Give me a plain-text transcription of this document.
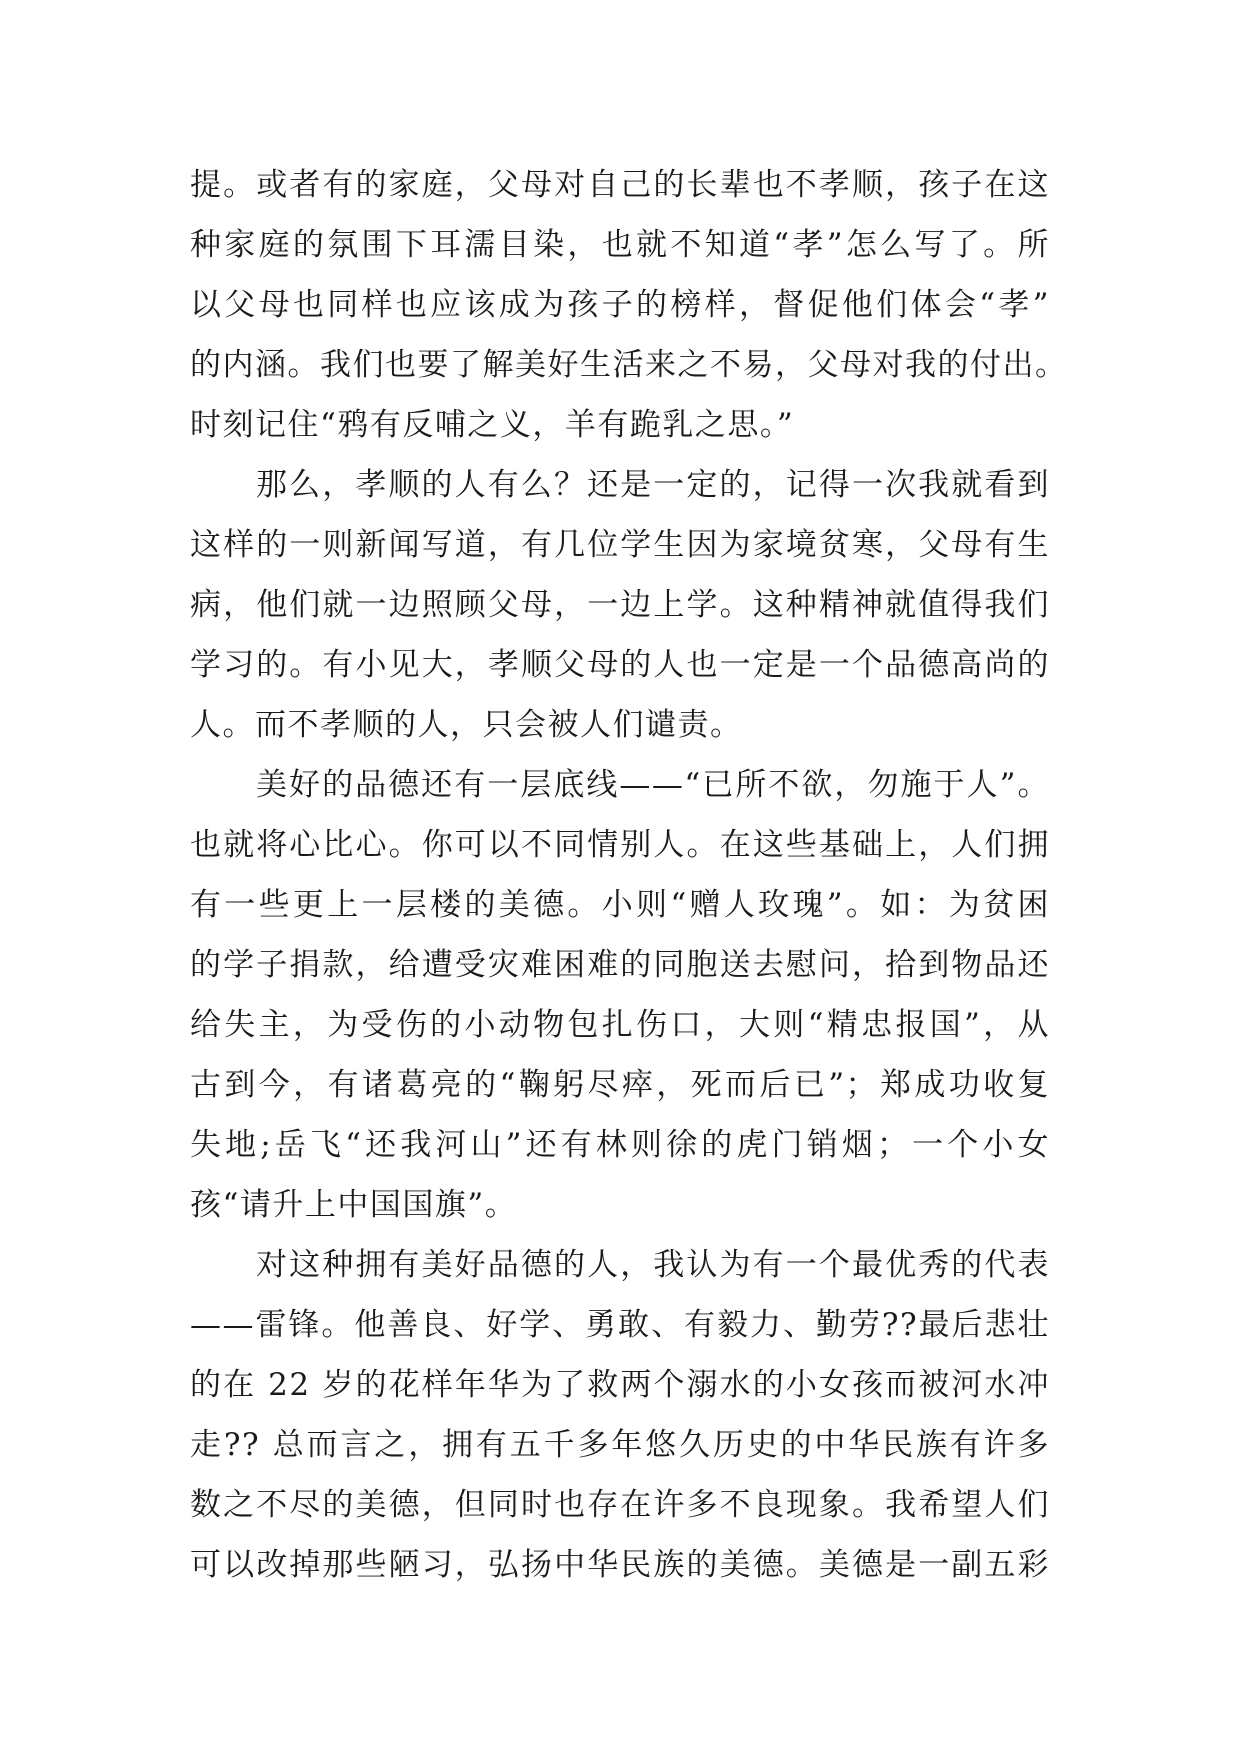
提。或者有的家庭，父母对自己的长辈也不孝顺，孩子在这
种家庭的氛围下耳濡目染，也就不知道“孝”怎么写了。所
以父母也同样也应该成为孩子的榜样，督促他们体会“孝”
的内涵。我们也要了解美好生活来之不易，父母对我的付出。
时刻记住“鸦有反哺之义，羊有跪乳之思。”
那么，孝顺的人有么？还是一定的，记得一次我就看到
这样的一则新闻写道，有几位学生因为家境贫寒，父母有生
病，他们就一边照顾父母，一边上学。这种精神就值得我们
学习的。有小见大，孝顺父母的人也一定是一个品德高尚的
人。而不孝顺的人，只会被人们谴责。
美好的品德还有一层底线——“已所不欲，勿施于人”。
也就将心比心。你可以不同情别人。在这些基础上，人们拥
有一些更上一层楼的美德。小则“赠人玫瑰”。如：为贫困
的学子捐款，给遭受灾难困难的同胞送去慰问，拾到物品还
给失主，为受伤的小动物包扎伤口，大则“精忠报国”，从
古到今，有诸葛亮的“鞠躬尽瘁，死而后已”；郑成功收复
失地;岳飞“还我河山”还有林则徐的虎门销烟；一个小女
孩“请升上中国国旗”。
对这种拥有美好品德的人，我认为有一个最优秀的代表
——雷锋。他善良、好学、勇敢、有毅力、勤劳??最后悲壮
的在 22 岁的花样年华为了救两个溺水的小女孩而被河水冲
走?? 总而言之，拥有五千多年悠久历史的中华民族有许多
数之不尽的美德，但同时也存在许多不良现象。我希望人们
可以改掉那些陋习，弘扬中华民族的美德。美德是一副五彩
